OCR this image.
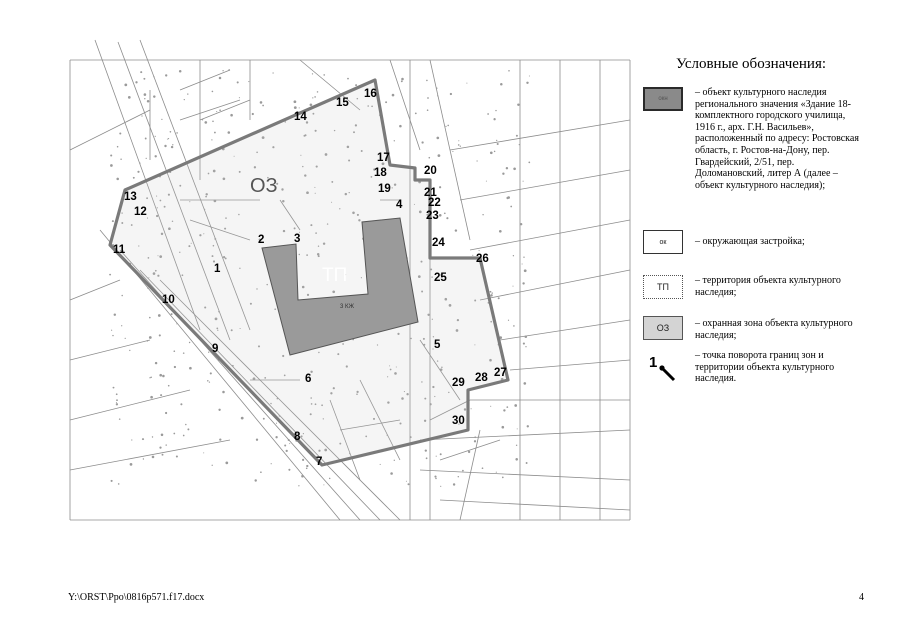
3 КЖ
ОЗ
ТП
1
2	3
4
5
6
7
8
9
10
11
12
13
14
15
16
17
18
19
20
21
22
23
24
25
26
27
28
29
30
Условные обозначения:
окн
– объект культурного наследия регионального значения «Здание 18-комплектного городского училища, 1916 г., арх. Г.Н. Васильев», расположенный по адресу: Ростовская область, г. Ростов-на-Дону, пер. Гвардейский, 2/51, пер. Доломановский, литер А (далее – объект культурного наследия);
ок	– окружающая застройка;
ТП
– территория объекта культурного наследия;
ОЗ	– охранная зона объекта культурного наследия;
1	– точка поворота границ зон и территории объекта культурного наследия.
Y:\ORST\Ppo\0816p571.f17.docx	4
